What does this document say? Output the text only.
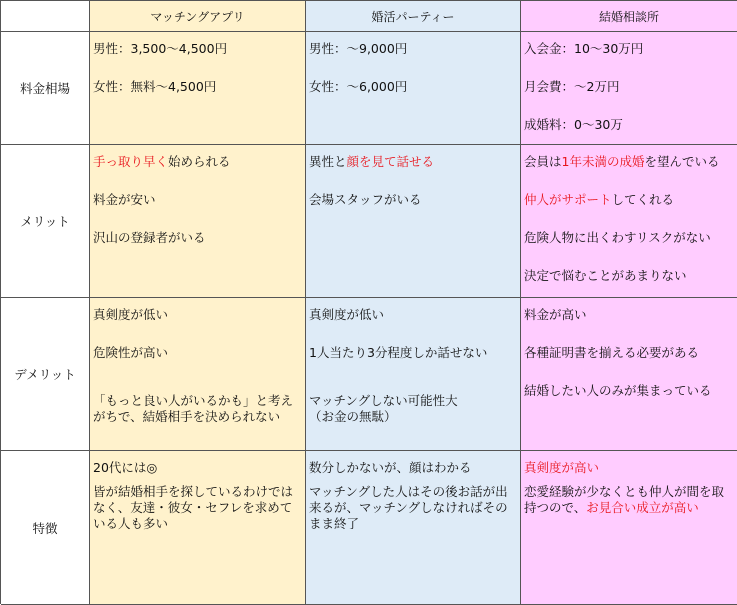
マッチングアプリ	婚活パーティー	結婚相談所
料金相場
男性：3,500〜4,500円
女性：無料〜4,500円
男性：〜9,000円
女性：〜6,000円
入会金：10〜30万円
月会費：〜2万円
成婚料：0〜30万
メリット
手っ取り早く始められる
料金が安い
沢山の登録者がいる
異性と顔を見て話せる
会場スタッフがいる
会員は1年未満の成婚を望んでいる
仲人がサポートしてくれる
危険人物に出くわすリスクがない
決定で悩むことがあまりない
デメリット
真剣度が低い
危険性が高い
「もっと良い人がいるかも」と考えがちで、結婚相手を決められない
真剣度が低い
1人当たり3分程度しか話せない
マッチングしない可能性大
（お金の無駄）
料金が高い
各種証明書を揃える必要がある
結婚したい人のみが集まっている
特徴
20代には◎
皆が結婚相手を探しているわけではなく、友達・彼女・セフレを求めている人も多い
数分しかないが、顔はわかる
マッチングした人はその後お話が出来るが、マッチングしなければそのまま終了
真剣度が高い
恋愛経験が少なくとも仲人が間を取持つので、お見合い成立が高い
